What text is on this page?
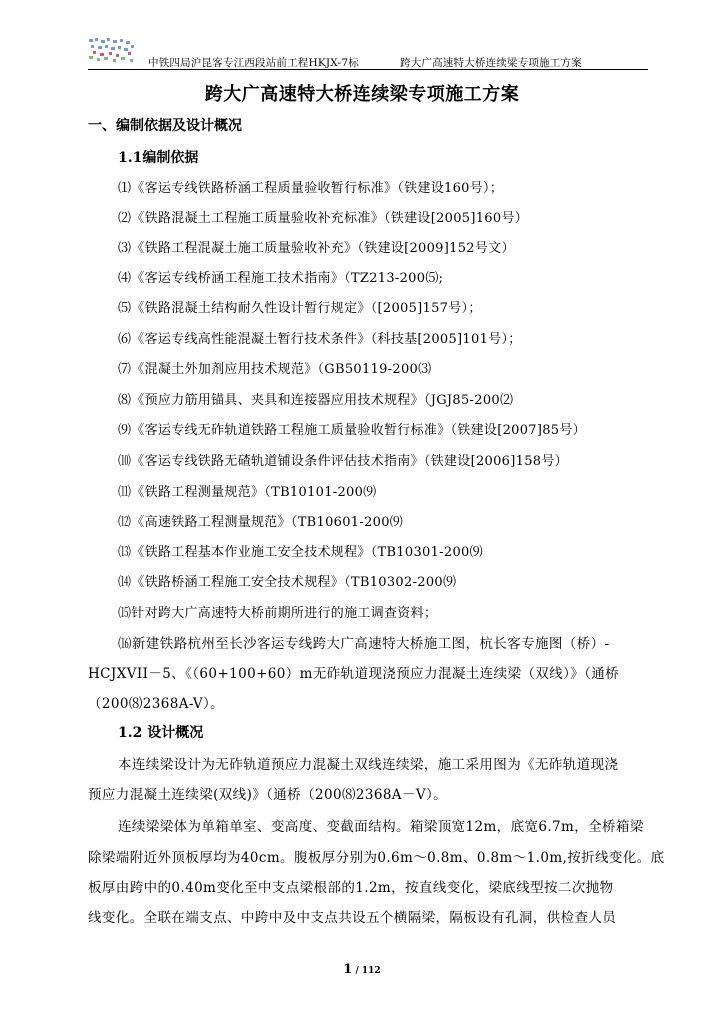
中铁四局沪昆客专江西段站前工程HKJX-7标	跨大广高速特大桥连续梁专项施工方案
跨大广高速特大桥连续梁专项施工方案
一、编制依据及设计概况
1.1编制依据
⑴《客运专线铁路桥涵工程质量验收暂行标准》（铁建设160号）；
⑵《铁路混凝土工程施工质量验收补充标准》（铁建设[2005]160号）
⑶《铁路工程混凝土施工质量验收补充》（铁建设[2009]152号文）
⑷《客运专线桥涵工程施工技术指南》（TZ213-200⑸;
⑸《铁路混凝土结构耐久性设计暂行规定》（[2005]157号）；
⑹《客运专线高性能混凝土暂行技术条件》（科技基[2005]101号）；
⑺《混凝土外加剂应用技术规范》（GB50119-200⑶
⑻《预应力筋用锚具、夹具和连接器应用技术规程》（JGJ85-200⑵
⑼《客运专线无砟轨道铁路工程施工质量验收暂行标准》（铁建设[2007]85号）
⑽《客运专线铁路无碴轨道铺设条件评估技术指南》（铁建设[2006]158号）
⑾《铁路工程测量规范》（TB10101-200⑼
⑿《高速铁路工程测量规范》（TB10601-200⑼
⒀《铁路工程基本作业施工安全技术规程》（TB10301-200⑼
⒁《铁路桥涵工程施工安全技术规程》（TB10302-200⑼
⒂针对跨大广高速特大桥前期所进行的施工调查资料；
⒃新建铁路杭州至长沙客运专线跨大广高速特大桥施工图，杭长客专施图（桥）-
HCJXVII－5、《（60+100+60）m无砟轨道现浇预应力混凝土连续梁（双线）》（通桥
（200⑻2368A-V）。
1.2 设计概况
本连续梁设计为无砟轨道预应力混凝土双线连续梁，施工采用图为《无砟轨道现浇
预应力混凝土连续梁(双线)》（通桥（200⑻2368A－Ⅴ）。
连续梁梁体为单箱单室、变高度、变截面结构。箱梁顶宽12m，底宽6.7m，全桥箱梁
除梁端附近外顶板厚均为40cm。腹板厚分别为0.6m～0.8m、0.8m～1.0m,按折线变化。底
板厚由跨中的0.40m变化至中支点梁根部的1.2m，按直线变化，梁底线型按二次抛物
线变化。全联在端支点、中跨中及中支点共设五个横隔梁，隔板设有孔洞，供检查人员
1 / 112
